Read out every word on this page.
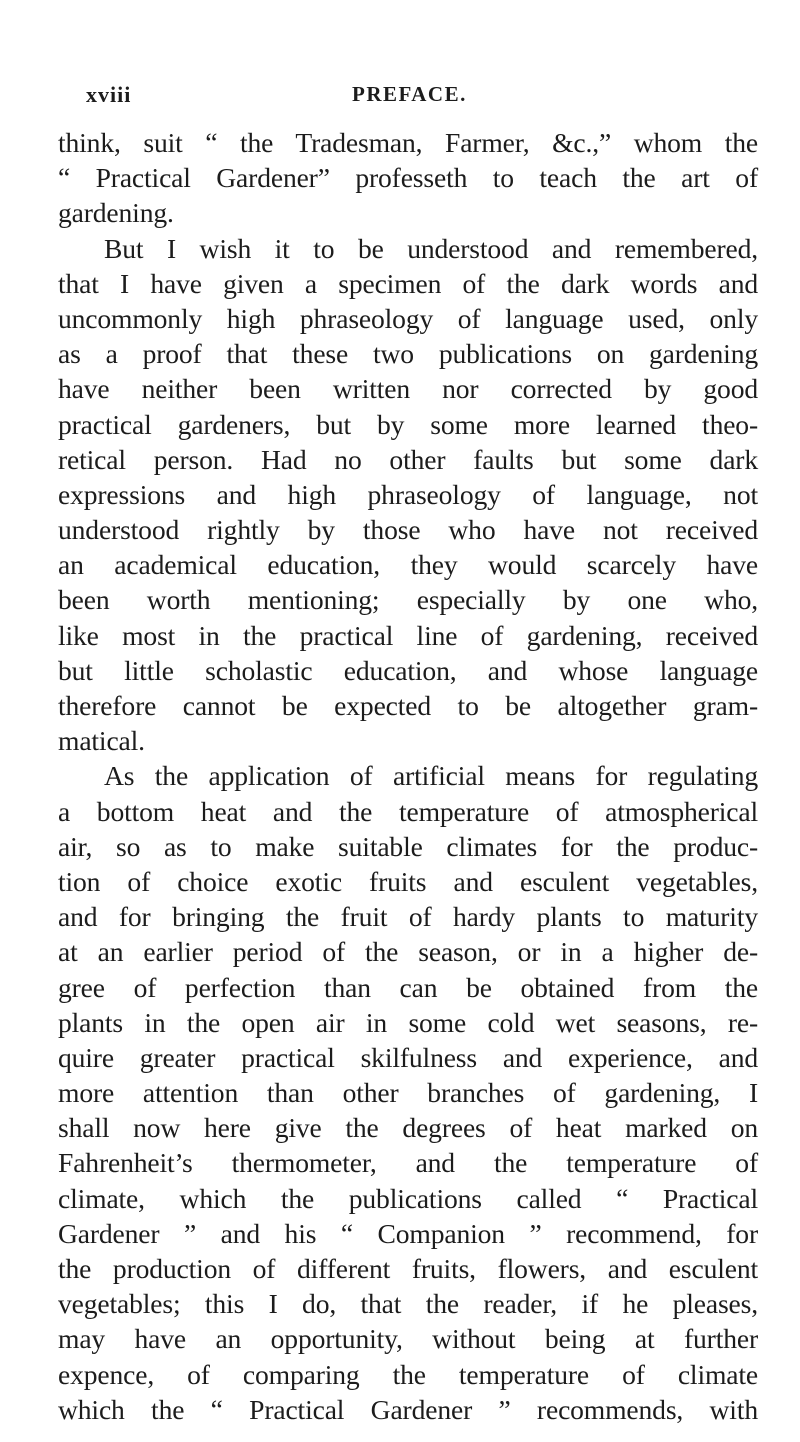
xviii	PREFACE.
think, suit “ the Tradesman, Farmer, &c.,” whom the
“ Practical Gardener” professeth to teach the art of
gardening.
But I wish it to be understood and remembered,
that I have given a specimen of the dark words and
uncommonly high phraseology of language used, only
as a proof that these two publications on gardening
have neither been written nor corrected by good
practical gardeners, but by some more learned theo-
retical person. Had no other faults but some dark
expressions and high phraseology of language, not
understood rightly by those who have not received
an academical education, they would scarcely have
been worth mentioning; especially by one who,
like most in the practical line of gardening, received
but little scholastic education, and whose language
therefore cannot be expected to be altogether gram-
matical.
As the application of artificial means for regulating
a bottom heat and the temperature of atmospherical
air, so as to make suitable climates for the produc-
tion of choice exotic fruits and esculent vegetables,
and for bringing the fruit of hardy plants to maturity
at an earlier period of the season, or in a higher de-
gree of perfection than can be obtained from the
plants in the open air in some cold wet seasons, re-
quire greater practical skilfulness and experience, and
more attention than other branches of gardening, I
shall now here give the degrees of heat marked on
Fahrenheit’s thermometer, and the temperature of
climate, which the publications called “ Practical
Gardener ” and his “ Companion ” recommend, for
the production of different fruits, flowers, and esculent
vegetables; this I do, that the reader, if he pleases,
may have an opportunity, without being at further
expence, of comparing the temperature of climate
which the “ Practical Gardener ” recommends, with
